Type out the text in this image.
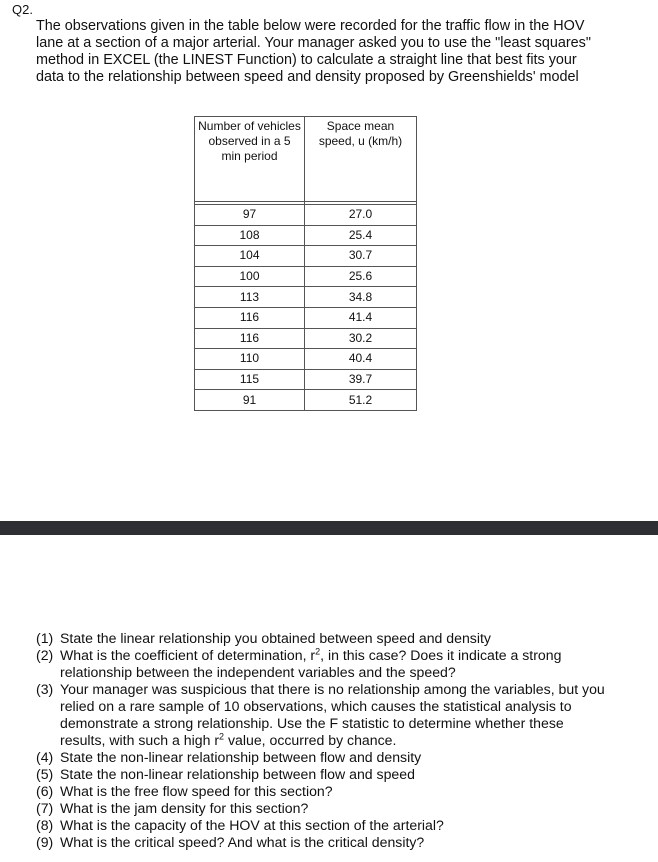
Q2.
The observations given in the table below were recorded for the traffic flow in the HOV lane at a section of a major arterial. Your manager asked you to use the "least squares" method in EXCEL (the LINEST Function) to calculate a straight line that best fits your data to the relationship between speed and density proposed by Greenshields' model
Number of vehicles observed in a 5 min period	Space mean speed, u (km/h)

97	27.0
108	25.4
104	30.7
100	25.6
113	34.8
116	41.4
116	30.2
110	40.4
115	39.7
91	51.2
(1) State the linear relationship you obtained between speed and density
(2) What is the coefficient of determination, $r^2$, in this case? Does it indicate a strong relationship between the independent variables and the speed?
(3) Your manager was suspicious that there is no relationship among the variables, but you relied on a rare sample of 10 observations, which causes the statistical analysis to demonstrate a strong relationship. Use the F statistic to determine whether these results, with such a high $r^2$ value, occurred by chance.
(4) State the non-linear relationship between flow and density
(5) State the non-linear relationship between flow and speed
(6) What is the free flow speed for this section?
(7) What is the jam density for this section?
(8) What is the capacity of the HOV at this section of the arterial?
(9) What is the critical speed? And what is the critical density?
